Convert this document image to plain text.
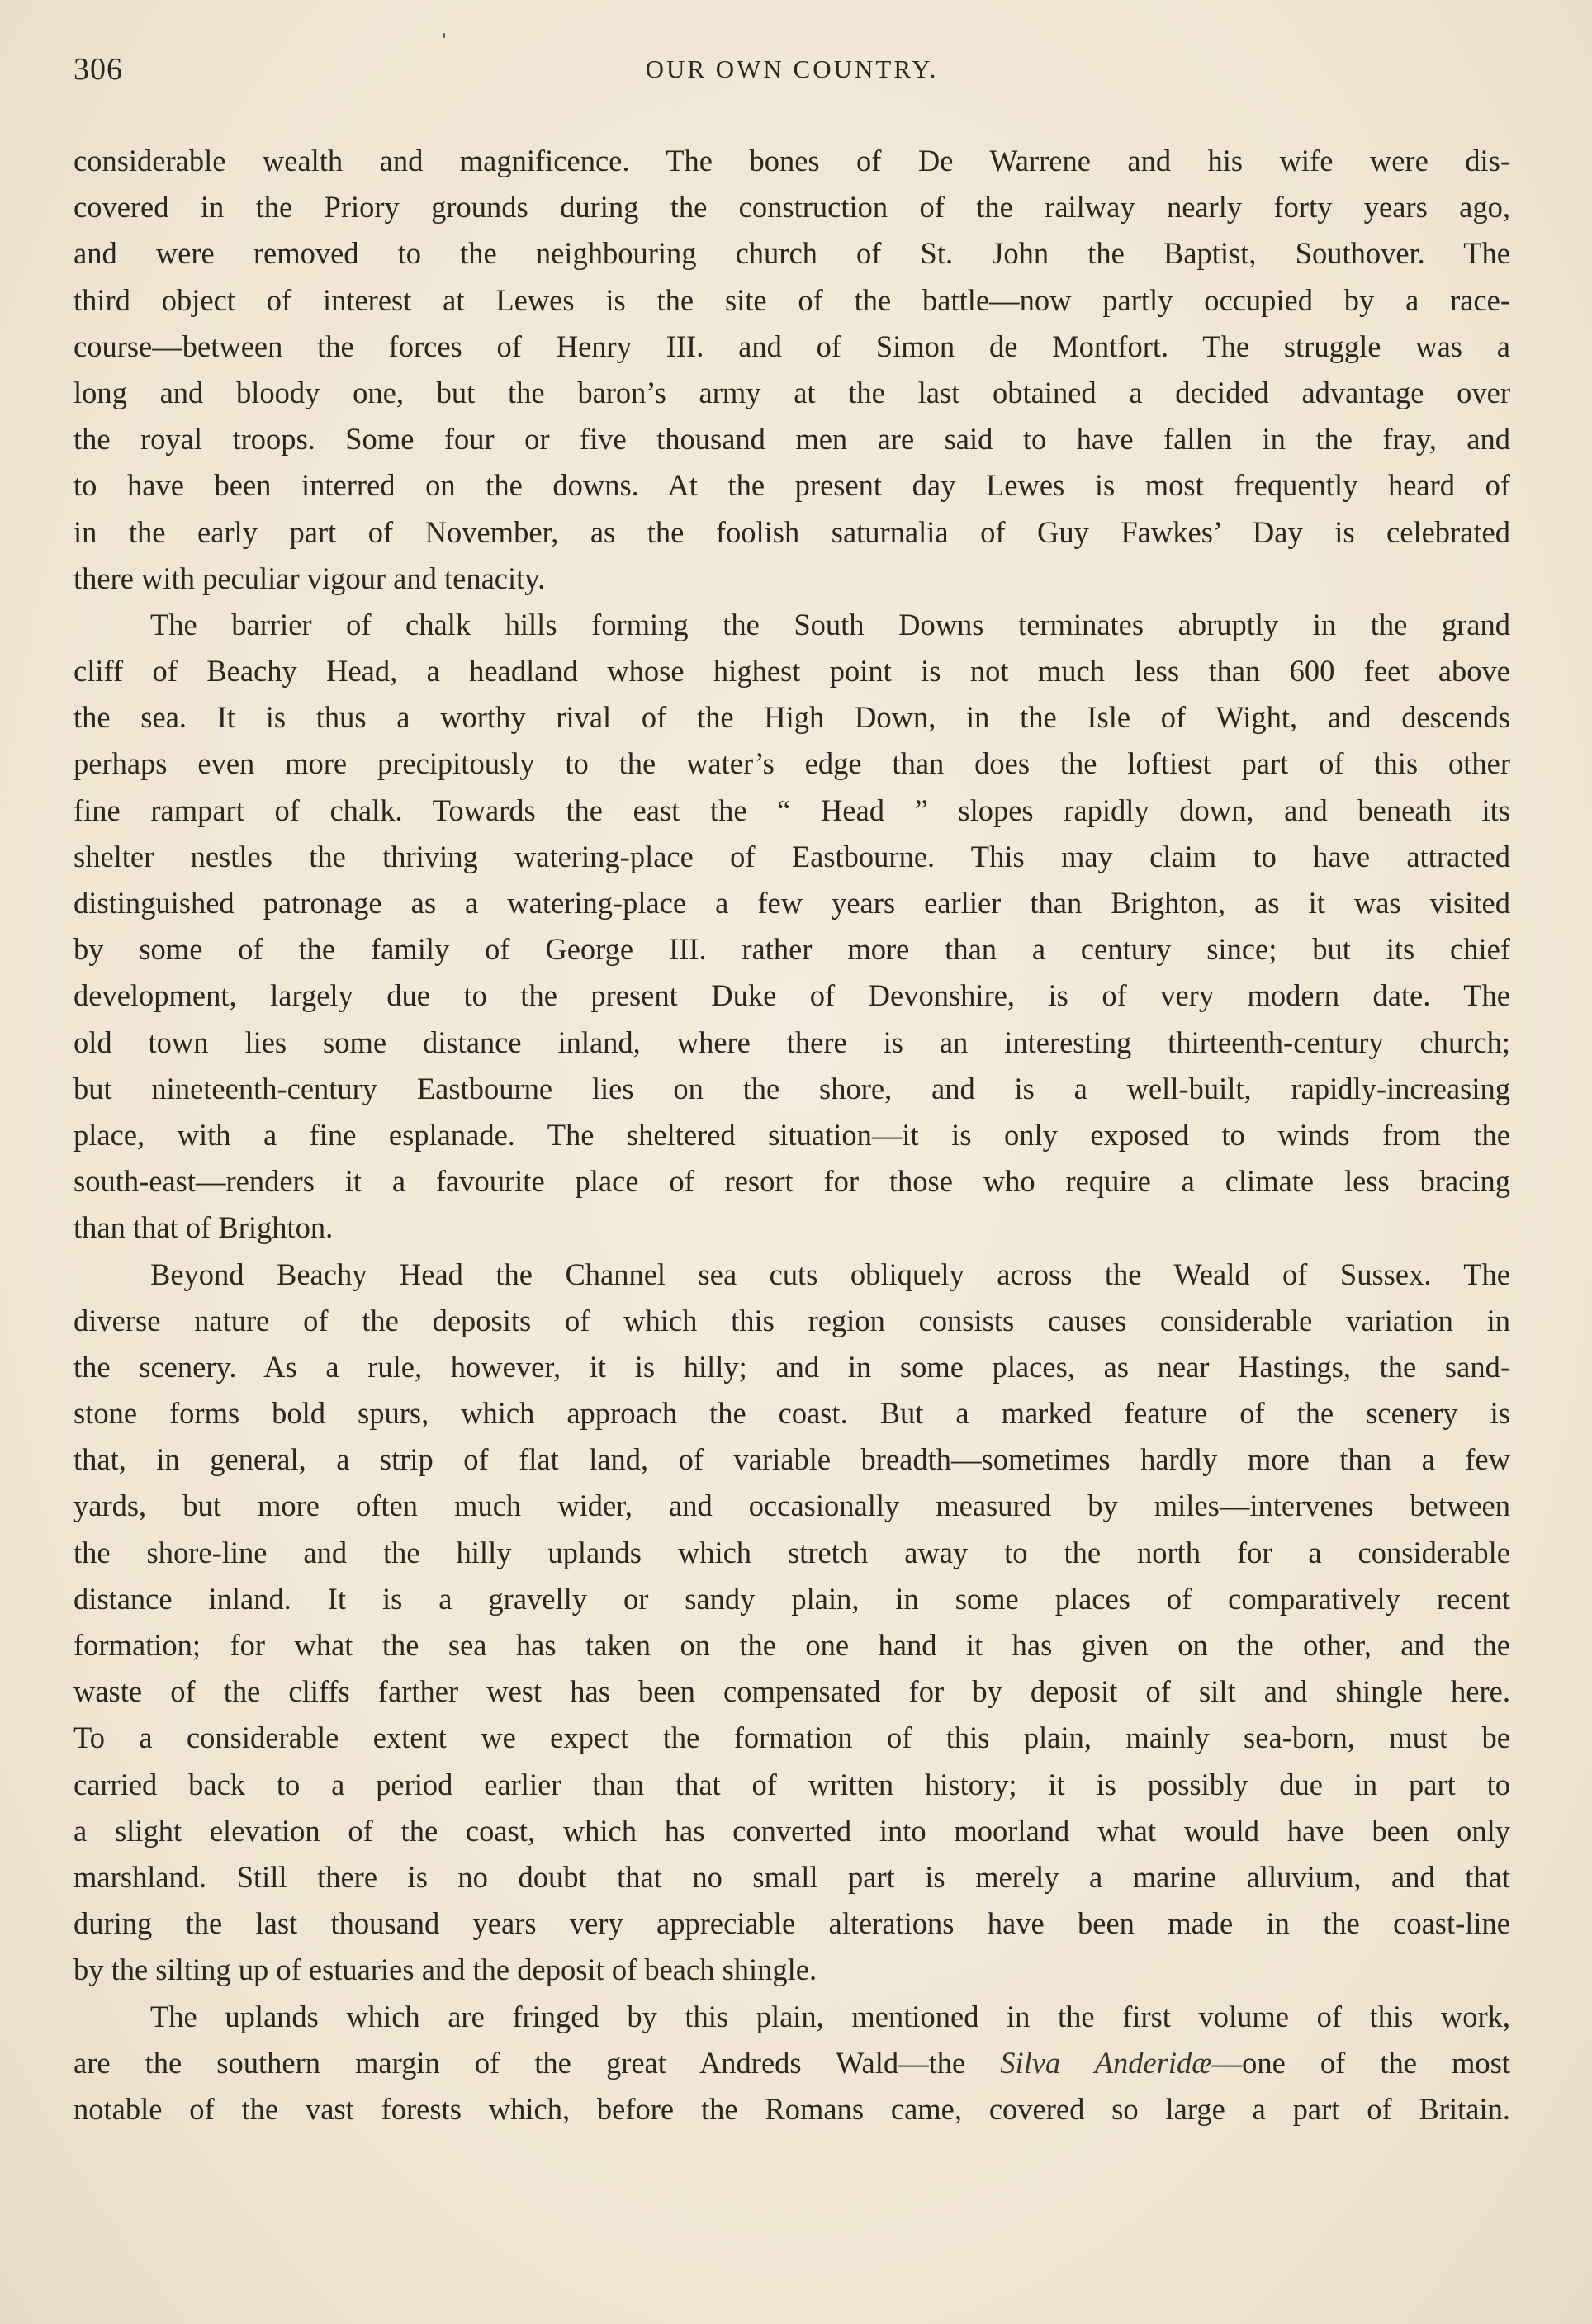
306	OUR OWN COUNTRY.
considerable wealth and magnificence. The bones of De Warrene and his wife were dis-
covered in the Priory grounds during the construction of the railway nearly forty years ago,
and were removed to the neighbouring church of St. John the Baptist, Southover. The
third object of interest at Lewes is the site of the battle—now partly occupied by a race-
course—between the forces of Henry III. and of Simon de Montfort. The struggle was a
long and bloody one, but the baron’s army at the last obtained a decided advantage over
the royal troops. Some four or five thousand men are said to have fallen in the fray, and
to have been interred on the downs. At the present day Lewes is most frequently heard of
in the early part of November, as the foolish saturnalia of Guy Fawkes’ Day is celebrated
there with peculiar vigour and tenacity.
The barrier of chalk hills forming the South Downs terminates abruptly in the grand
cliff of Beachy Head, a headland whose highest point is not much less than 600 feet above
the sea. It is thus a worthy rival of the High Down, in the Isle of Wight, and descends
perhaps even more precipitously to the water’s edge than does the loftiest part of this other
fine rampart of chalk. Towards the east the “ Head ” slopes rapidly down, and beneath its
shelter nestles the thriving watering-place of Eastbourne. This may claim to have attracted
distinguished patronage as a watering-place a few years earlier than Brighton, as it was visited
by some of the family of George III. rather more than a century since; but its chief
development, largely due to the present Duke of Devonshire, is of very modern date. The
old town lies some distance inland, where there is an interesting thirteenth-century church;
but nineteenth-century Eastbourne lies on the shore, and is a well-built, rapidly-increasing
place, with a fine esplanade. The sheltered situation—it is only exposed to winds from the
south-east—renders it a favourite place of resort for those who require a climate less bracing
than that of Brighton.
Beyond Beachy Head the Channel sea cuts obliquely across the Weald of Sussex. The
diverse nature of the deposits of which this region consists causes considerable variation in
the scenery. As a rule, however, it is hilly; and in some places, as near Hastings, the sand-
stone forms bold spurs, which approach the coast. But a marked feature of the scenery is
that, in general, a strip of flat land, of variable breadth—sometimes hardly more than a few
yards, but more often much wider, and occasionally measured by miles—intervenes between
the shore-line and the hilly uplands which stretch away to the north for a considerable
distance inland. It is a gravelly or sandy plain, in some places of comparatively recent
formation; for what the sea has taken on the one hand it has given on the other, and the
waste of the cliffs farther west has been compensated for by deposit of silt and shingle here.
To a considerable extent we expect the formation of this plain, mainly sea-born, must be
carried back to a period earlier than that of written history; it is possibly due in part to
a slight elevation of the coast, which has converted into moorland what would have been only
marshland. Still there is no doubt that no small part is merely a marine alluvium, and that
during the last thousand years very appreciable alterations have been made in the coast-line
by the silting up of estuaries and the deposit of beach shingle.
The uplands which are fringed by this plain, mentioned in the first volume of this work,
are the southern margin of the great Andreds Wald—the Silva Anderidæ—one of the most
notable of the vast forests which, before the Romans came, covered so large a part of Britain.
